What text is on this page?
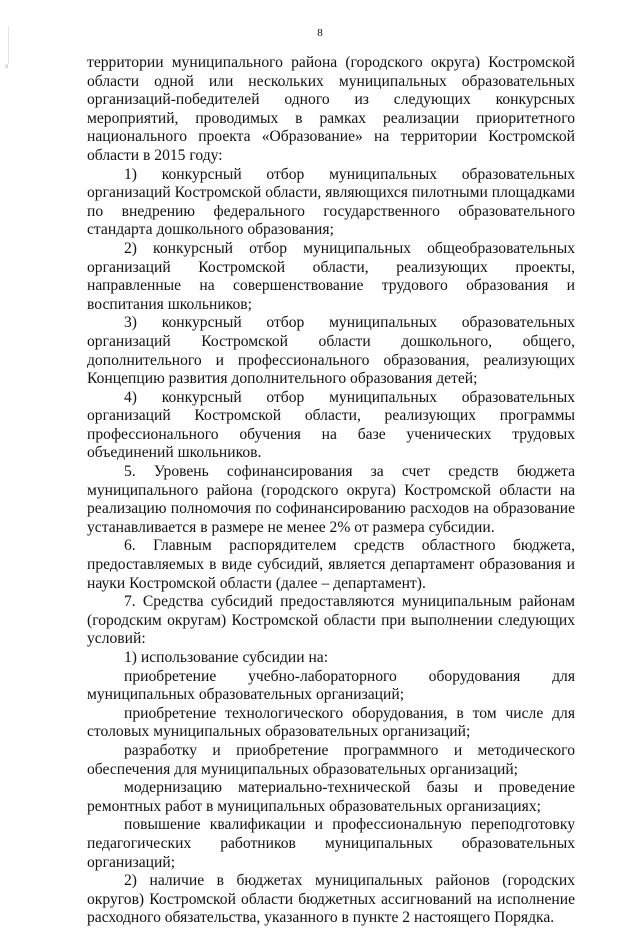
ID_______________	8

территории муниципального района (городского округа) Костромской области одной или нескольких муниципальных образовательных организаций-победителей одного из следующих конкурсных мероприятий, проводимых в рамках реализации приоритетного национального проекта «Образование» на территории Костромской области в 2015 году:

1) конкурсный отбор муниципальных образовательных организаций Костромской области, являющихся пилотными площадками по внедрению федерального государственного образовательного стандарта дошкольного образования;

2) конкурсный отбор муниципальных общеобразовательных организаций Костромской области, реализующих проекты, направленные на совершенствование трудового образования и воспитания школьников;

3) конкурсный отбор муниципальных образовательных организаций Костромской области дошкольного, общего, дополнительного и профессионального образования, реализующих Концепцию развития дополнительного образования детей;

4) конкурсный отбор муниципальных образовательных организаций Костромской области, реализующих программы профессионального обучения на базе ученических трудовых объединений школьников.

5. Уровень софинансирования за счет средств бюджета муниципального района (городского округа) Костромской области на реализацию полномочия по софинансированию расходов на образование устанавливается в размере не менее 2% от размера субсидии.

6. Главным распорядителем средств областного бюджета, предоставляемых в виде субсидий, является департамент образования и науки Костромской области (далее – департамент).

7. Средства субсидий предоставляются муниципальным районам (городским округам) Костромской области при выполнении следующих условий:

1) использование субсидии на:

приобретение учебно-лабораторного оборудования для муниципальных образовательных организаций;

приобретение технологического оборудования, в том числе для столовых муниципальных образовательных организаций;

разработку и приобретение программного и методического обеспечения для муниципальных образовательных организаций;

модернизацию материально-технической базы и проведение ремонтных работ в муниципальных образовательных организациях;

повышение квалификации и профессиональную переподготовку педагогических работников муниципальных образовательных организаций;

2) наличие в бюджетах муниципальных районов (городских округов) Костромской области бюджетных ассигнований на исполнение расходного обязательства, указанного в пункте 2 настоящего Порядка.
